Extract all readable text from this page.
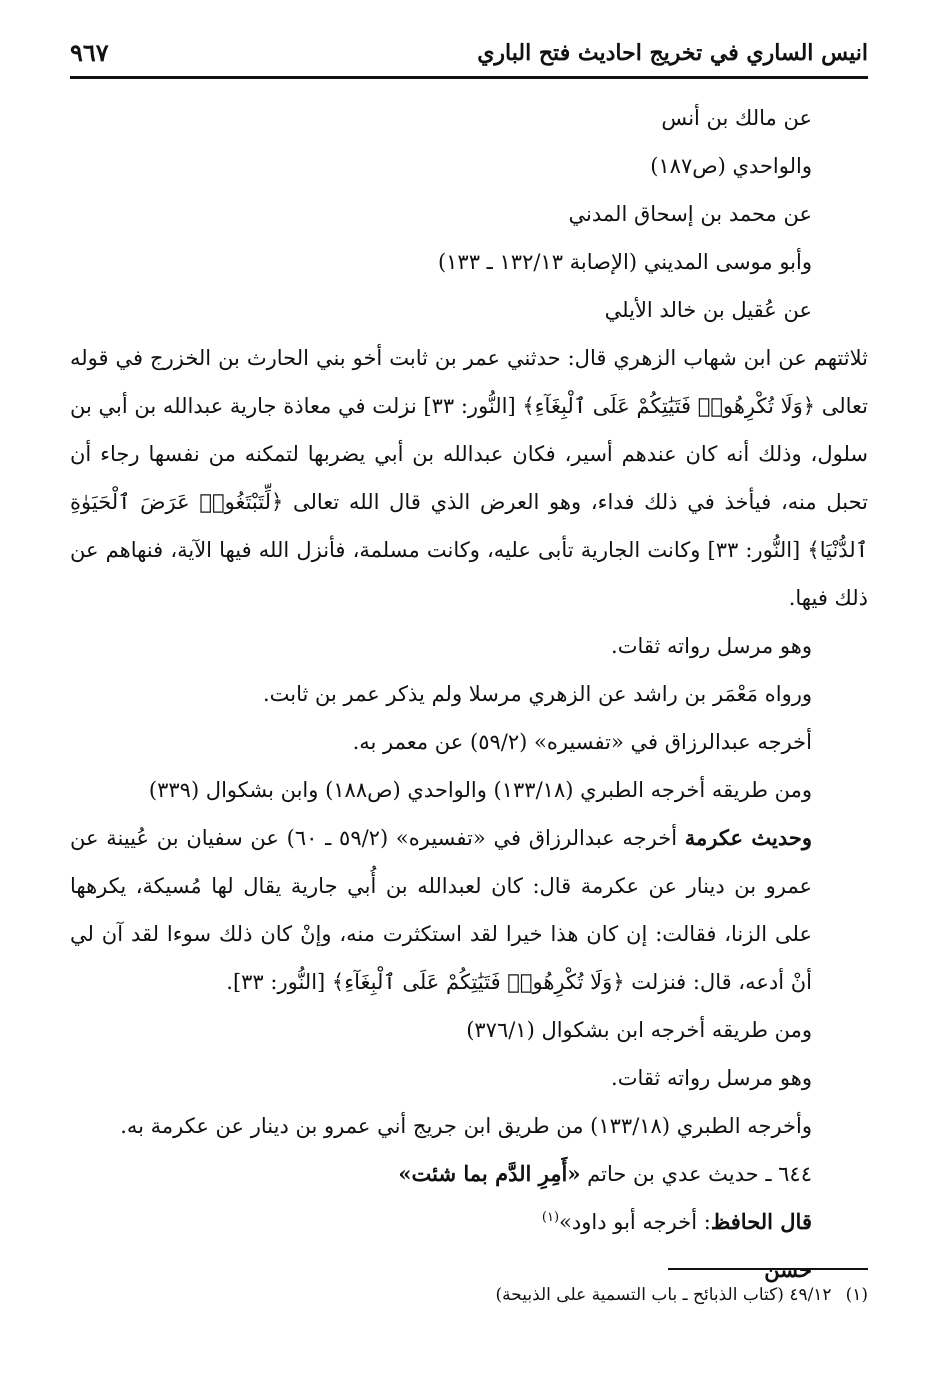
انيس الساري في تخريج احاديث فتح الباري
٩٦٧

عن مالك بن أنس

والواحدي (ص١٨٧)

عن محمد بن إسحاق المدني

وأبو موسى المديني (الإصابة ١٣٢/١٣ ـ ١٣٣)

عن عُقيل بن خالد الأيلي

ثلاثتهم عن ابن شهاب الزهري قال: حدثني عمر بن ثابت أخو بني الحارث بن الخزرج في قوله تعالى ﴿وَلَا تُكْرِهُوا۟ فَتَيَٰتِكُمْ عَلَى ٱلْبِغَآءِ﴾ [النُّور: ٣٣] نزلت في معاذة جارية عبدالله بن أبي بن سلول، وذلك أنه كان عندهم أسير، فكان عبدالله بن أبي يضربها لتمكنه من نفسها رجاء أن تحبل منه، فيأخذ في ذلك فداء، وهو العرض الذي قال الله تعالى ﴿لِّتَبْتَغُوا۟ عَرَضَ ٱلْحَيَوٰةِ ٱلدُّنْيَا﴾ [النُّور: ٣٣] وكانت الجارية تأبى عليه، وكانت مسلمة، فأنزل الله فيها الآية، فنهاهم عن ذلك فيها.

وهو مرسل رواته ثقات.

ورواه مَعْمَر بن راشد عن الزهري مرسلا ولم يذكر عمر بن ثابت.

أخرجه عبدالرزاق في «تفسيره» (٥٩/٢) عن معمر به.

ومن طريقه أخرجه الطبري (١٣٣/١٨) والواحدي (ص١٨٨) وابن بشكوال (٣٣٩)

وحديث عكرمة أخرجه عبدالرزاق في «تفسيره» (٥٩/٢ ـ ٦٠) عن سفيان بن عُيينة عن عمرو بن دينار عن عكرمة قال: كان لعبدالله بن أُبي جارية يقال لها مُسيكة، يكرهها على الزنا، فقالت: إن كان هذا خيرا لقد استكثرت منه، وإنْ كان ذلك سوءا لقد آن لي أنْ أدعه، قال: فنزلت ﴿وَلَا تُكْرِهُوا۟ فَتَيَٰتِكُمْ عَلَى ٱلْبِغَآءِ﴾ [النُّور: ٣٣].

ومن طريقه أخرجه ابن بشكوال (٣٧٦/١)

وهو مرسل رواته ثقات.

وأخرجه الطبري (١٣٣/١٨) من طريق ابن جريج أني عمرو بن دينار عن عكرمة به.

٦٤٤ ـ حديث عدي بن حاتم «أَمِرِ الدَّم بما شئت»

قال الحافظ: أخرجه أبو داود»$^{(١)}$

حسن

(١)٤٩/١٢ (كتاب الذبائح ـ باب التسمية على الذبيحة)
